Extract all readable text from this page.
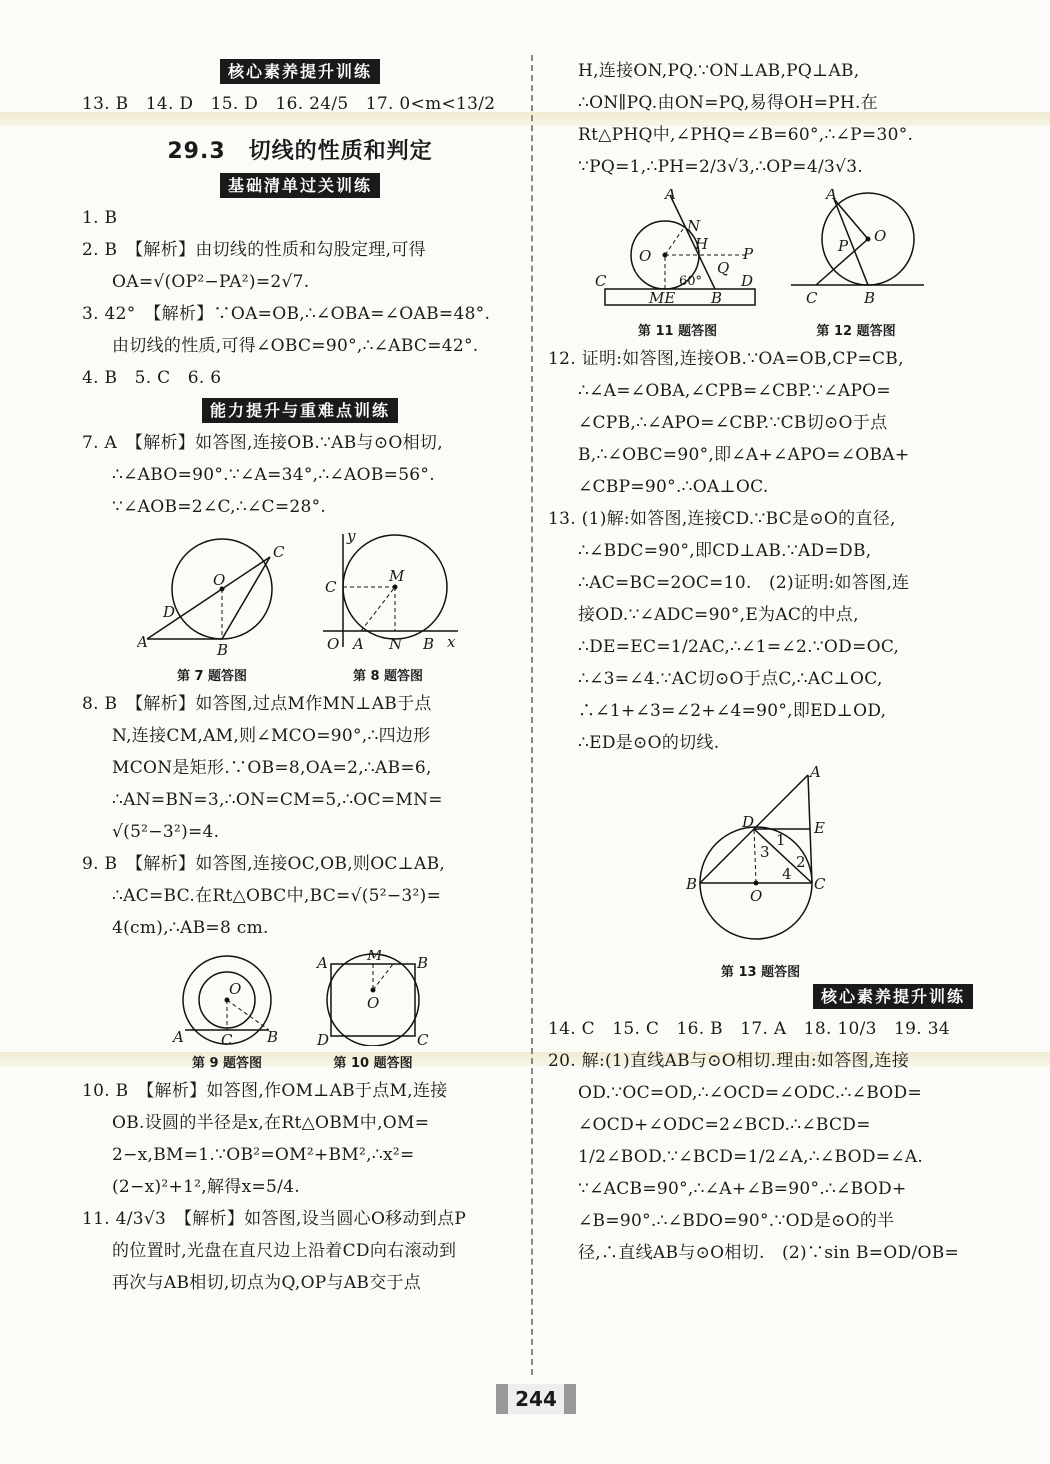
核心素养提升训练
13. B　14. D　15. D　16. 24/5　17. 0<m<13/2
29.3　切线的性质和判定
基础清单过关训练
1. B
2. B　【解析】由切线的性质和勾股定理,可得
OA=√(OP²−PA²)=2√7.
3. 42°　【解析】∵OA=OB,∴∠OBA=∠OAB=48°.
由切线的性质,可得∠OBC=90°,∴∠ABC=42°.
4. B　5. C　6. 6
能力提升与重难点训练
7. A　【解析】如答图,连接OB.∵AB与⊙O相切,
∴∠ABO=90°.∵∠A=34°,∴∠AOB=56°.
∵∠AOB=2∠C,∴∠C=28°.
C
O
D
A	B
第 7 题答图
y
M
C
O A N B x
第 8 题答图
8. B　【解析】如答图,过点M作MN⊥AB于点
N,连接CM,AM,则∠MCO=90°,∴四边形
MCON是矩形.∵OB=8,OA=2,∴AB=6,
∴AN=BN=3,∴ON=CM=5,∴OC=MN=
√(5²−3²)=4.
9. B　【解析】如答图,连接OC,OB,则OC⊥AB,
∴AC=BC.在Rt△OBC中,BC=√(5²−3²)=
4(cm),∴AB=8 cm.
O
A C B
第 9 题答图
A	M B
O
D	C
第 10 题答图
10. B　【解析】如答图,作OM⊥AB于点M,连接
OB.设圆的半径是x,在Rt△OBM中,OM=
2−x,BM=1.∵OB²=OM²+BM²,∴x²=
(2−x)²+1²,解得x=5/4.
11. 4/3√3　【解析】如答图,设当圆心O移动到点P
的位置时,光盘在直尺边上沿着CD向右滚动到
再次与AB相切,切点为Q,OP与AB交于点
H,连接ON,PQ.∵ON⊥AB,PQ⊥AB,
∴ON∥PQ.由ON=PQ,易得OH=PH.在
Rt△PHQ中,∠PHQ=∠B=60°,∴∠P=30°.
∵PQ=1,∴PH=2/3√3,∴OP=4/3√3.
A
N
H
O	P
Q
60°
C	D
ME B
第 11 题答图
A
O
P
C	B
第 12 题答图
12. 证明:如答图,连接OB.∵OA=OB,CP=CB,
∴∠A=∠OBA,∠CPB=∠CBP.∵∠APO=
∠CPB,∴∠APO=∠CBP.∵CB切⊙O于点
B,∴∠OBC=90°,即∠A+∠APO=∠OBA+
∠CBP=90°.∴OA⊥OC.
13. (1)解:如答图,连接CD.∵BC是⊙O的直径,
∴∠BDC=90°,即CD⊥AB.∵AD=DB,
∴AC=BC=2OC=10.　(2)证明:如答图,连
接OD.∵∠ADC=90°,E为AC的中点,
∴DE=EC=1/2AC,∴∠1=∠2.∵OD=OC,
∴∠3=∠4.∵AC切⊙O于点C,∴AC⊥OC,
∴∠1+∠3=∠2+∠4=90°,即ED⊥OD,
∴ED是⊙O的切线.
A
D	E
1
3
2
4
B
O
C
第 13 题答图
核心素养提升训练
14. C　15. C　16. B　17. A　18. 10/3　19. 34
20. 解:(1)直线AB与⊙O相切.理由:如答图,连接
OD.∵OC=OD,∴∠OCD=∠ODC.∴∠BOD=
∠OCD+∠ODC=2∠BCD.∴∠BCD=
1/2∠BOD.∵∠BCD=1/2∠A,∴∠BOD=∠A.
∵∠ACB=90°,∴∠A+∠B=90°.∴∠BOD+
∠B=90°.∴∠BDO=90°.∵OD是⊙O的半
径,∴直线AB与⊙O相切.　(2)∵sin B=OD/OB=
244
